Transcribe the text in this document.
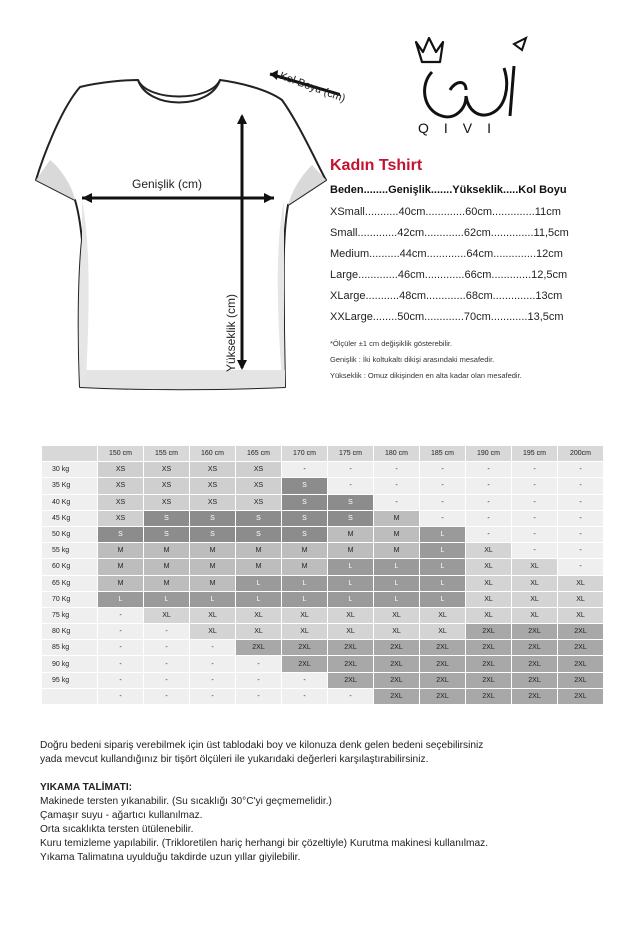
Genişlik (cm)
Yükseklik (cm)
Kol Boyu (cm)
QIVI
Kadın Tshirt
Beden........Genişlik.......Yükseklik.....Kol Boyu
XSmall...........40cm.............60cm..............11cm
Small.............42cm.............62cm..............11,5cm
Medium..........44cm.............64cm..............12cm
Large.............46cm.............66cm.............12,5cm
XLarge...........48cm.............68cm..............13cm
XXLarge........50cm.............70cm............13,5cm
*Ölçüler ±1 cm değişiklik gösterebilir.
Genişlik : İki koltukaltı dikişi arasındaki mesafedir.
Yükseklik : Omuz dikişinden en alta kadar olan mesafedir.
	150 cm	155 cm	160 cm	165 cm	170 cm	175 cm	180 cm	185 cm	190 cm	195 cm	200cm
30 kg	XS	XS	XS	XS	-	-	-	-	-	-	-
35 Kg	XS	XS	XS	XS	S	-	-	-	-	-	-
40 Kg	XS	XS	XS	XS	S	S	-	-	-	-	-
45 Kg	XS	S	S	S	S	S	M	-	-	-	-
50 Kg	S	S	S	S	S	M	M	L	-	-	-
55 kg	M	M	M	M	M	M	M	L	XL	-	-
60 Kg	M	M	M	M	M	L	L	L	XL	XL	-
65 Kg	M	M	M	L	L	L	L	L	XL	XL	XL
70 Kg	L	L	L	L	L	L	L	L	XL	XL	XL
75 kg	-	XL	XL	XL	XL	XL	XL	XL	XL	XL	XL
80 Kg	-	-	XL	XL	XL	XL	XL	XL	2XL	2XL	2XL
85 kg	-	-	-	2XL	2XL	2XL	2XL	2XL	2XL	2XL	2XL
90 kg	-	-	-	-	2XL	2XL	2XL	2XL	2XL	2XL	2XL
95 kg	-	-	-	-	-	2XL	2XL	2XL	2XL	2XL	2XL
	-	-	-	-	-	-	2XL	2XL	2XL	2XL	2XL
Doğru bedeni sipariş verebilmek için üst tablodaki boy ve kilonuza denk gelen bedeni seçebilirsiniz
yada mevcut kullandığınız bir tişört ölçüleri ile yukarıdaki değerleri karşılaştırabilirsiniz.
YIKAMA TALİMATI:
Makinede tersten yıkanabilir. (Su sıcaklığı 30°C'yi geçmemelidir.)
Çamaşır suyu - ağartıcı kullanılmaz.
Orta sıcaklıkta tersten ütülenebilir.
Kuru temizleme yapılabilir. (Trikloretilen hariç herhangi bir çözeltiyle) Kurutma makinesi kullanılmaz.
Yıkama Talimatına uyulduğu takdirde uzun yıllar giyilebilir.
